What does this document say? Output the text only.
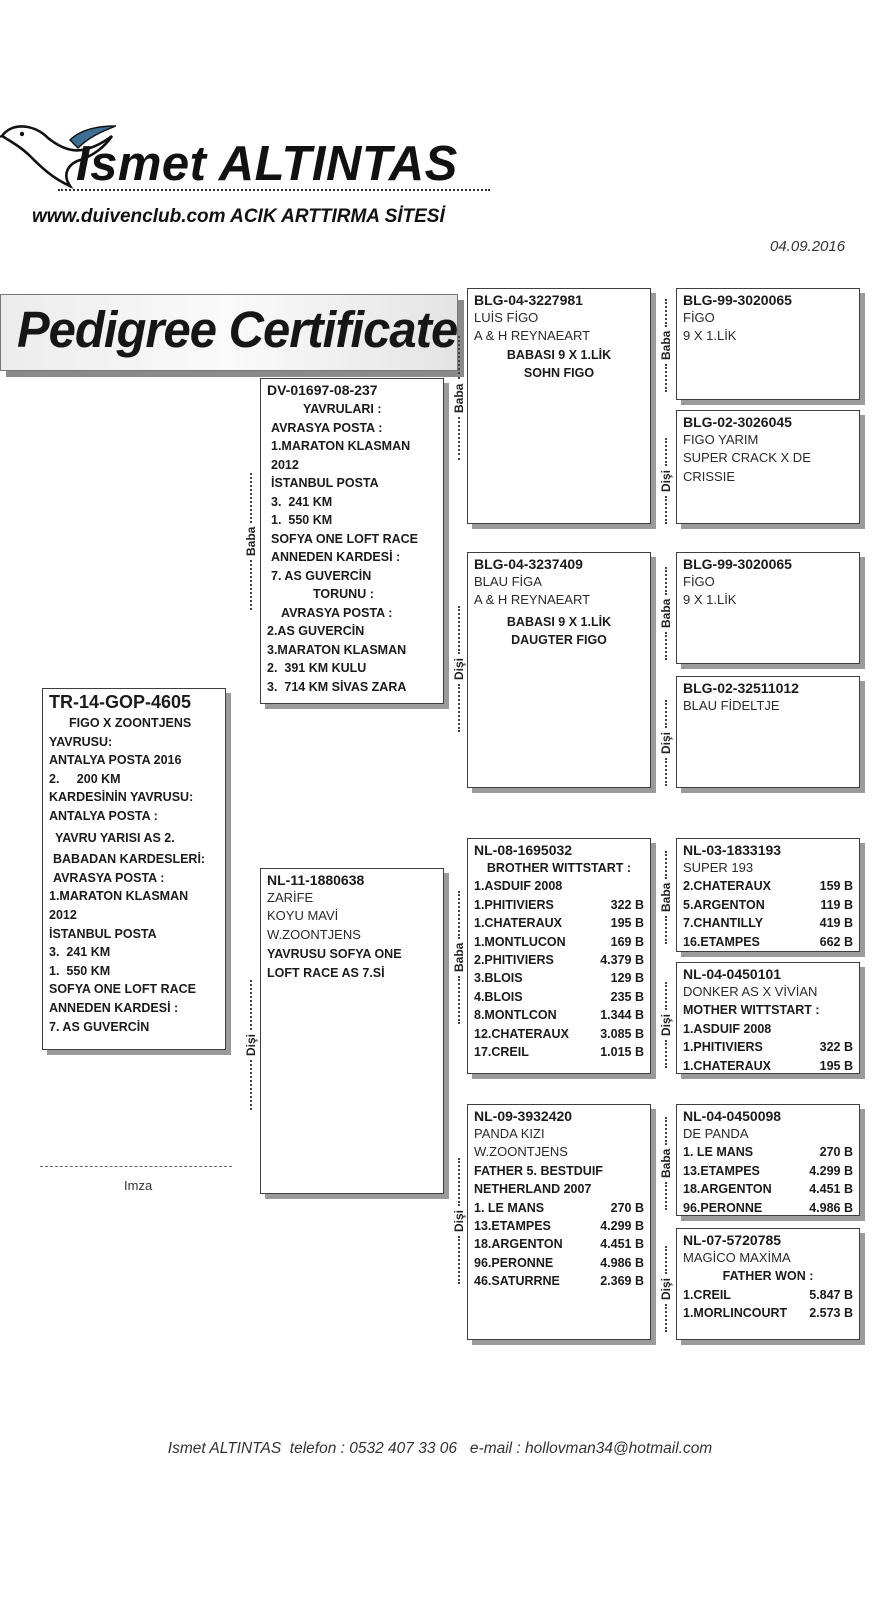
Ismet ALTINTAS
www.duivenclub.com ACIK ARTTIRMA SİTESİ
04.09.2016
Pedigree Certificate
TR-14-GOP-4605
FIGO X ZOONTJENS
YAVRUSU:
ANTALYA POSTA 2016
2.     200 KM
KARDESİNİN YAVRUSU:
ANTALYA POSTA :
YAVRU YARISI AS 2.
BABADAN KARDESLERİ:
AVRASYA POSTA :
1.MARATON KLASMAN
2012
İSTANBUL POSTA
3.  241 KM
1.  550 KM
SOFYA ONE LOFT RACE
ANNEDEN KARDESİ :
7. AS GUVERCİN
Baba
Dişi
DV-01697-08-237
YAVRULARI :
AVRASYA POSTA :
1.MARATON KLASMAN
2012
İSTANBUL POSTA
3.  241 KM
1.  550 KM
SOFYA ONE LOFT RACE
ANNEDEN KARDESİ :
7. AS GUVERCİN
TORUNU :
AVRASYA POSTA :
2.AS GUVERCİN
3.MARATON KLASMAN
2.  391 KM KULU
3.  714 KM SİVAS ZARA
NL-11-1880638
ZARİFE
KOYU MAVİ
W.ZOONTJENS
YAVRUSU SOFYA ONE
LOFT RACE AS 7.Sİ
Baba
Dişi
Baba
Dişi
BLG-04-3227981
LUİS FİGO
A & H REYNAEART
BABASI 9 X 1.LİK
SOHN FIGO
BLG-04-3237409
BLAU FİGA
A & H REYNAEART
BABASI 9 X 1.LİK
DAUGTER FIGO
NL-08-1695032
BROTHER WITTSTART :
1.ASDUIF 2008
1.PHITIVIERS	322 B
1.CHATERAUX	195 B
1.MONTLUCON	169 B
2.PHITIVIERS	4.379 B
3.BLOIS	129 B
4.BLOIS	235 B
8.MONTLCON	1.344 B
12.CHATERAUX	3.085 B
17.CREIL	1.015 B
NL-09-3932420
PANDA KIZI
W.ZOONTJENS
FATHER 5. BESTDUIF
NETHERLAND 2007
1. LE MANS	270 B
13.ETAMPES	4.299 B
18.ARGENTON	4.451 B
96.PERONNE	4.986 B
46.SATURRNE	2.369 B
Baba
Dişi
Baba
Dişi
Baba
Dişi
Baba
Dişi
BLG-99-3020065
FİGO
9 X 1.LİK
BLG-02-3026045
FIGO YARIM
SUPER CRACK X DE
CRISSIE
BLG-99-3020065
FİGO
9 X 1.LİK
BLG-02-32511012
BLAU FİDELTJE
NL-03-1833193
SUPER 193
2.CHATERAUX	159 B
5.ARGENTON	119 B
7.CHANTILLY	419 B
16.ETAMPES	662 B
NL-04-0450101
DONKER AS X VİVİAN
MOTHER WITTSTART :
1.ASDUIF 2008
1.PHITIVIERS	322 B
1.CHATERAUX	195 B
NL-04-0450098
DE PANDA
1. LE MANS	270 B
13.ETAMPES	4.299 B
18.ARGENTON	4.451 B
96.PERONNE	4.986 B
NL-07-5720785
MAGİCO MAXİMA
FATHER WON :
1.CREIL	5.847 B
1.MORLINCOURT	2.573 B
Imza
Ismet ALTINTAS telefon : 0532 407 33 06 e-mail : hollovman34@hotmail.com
